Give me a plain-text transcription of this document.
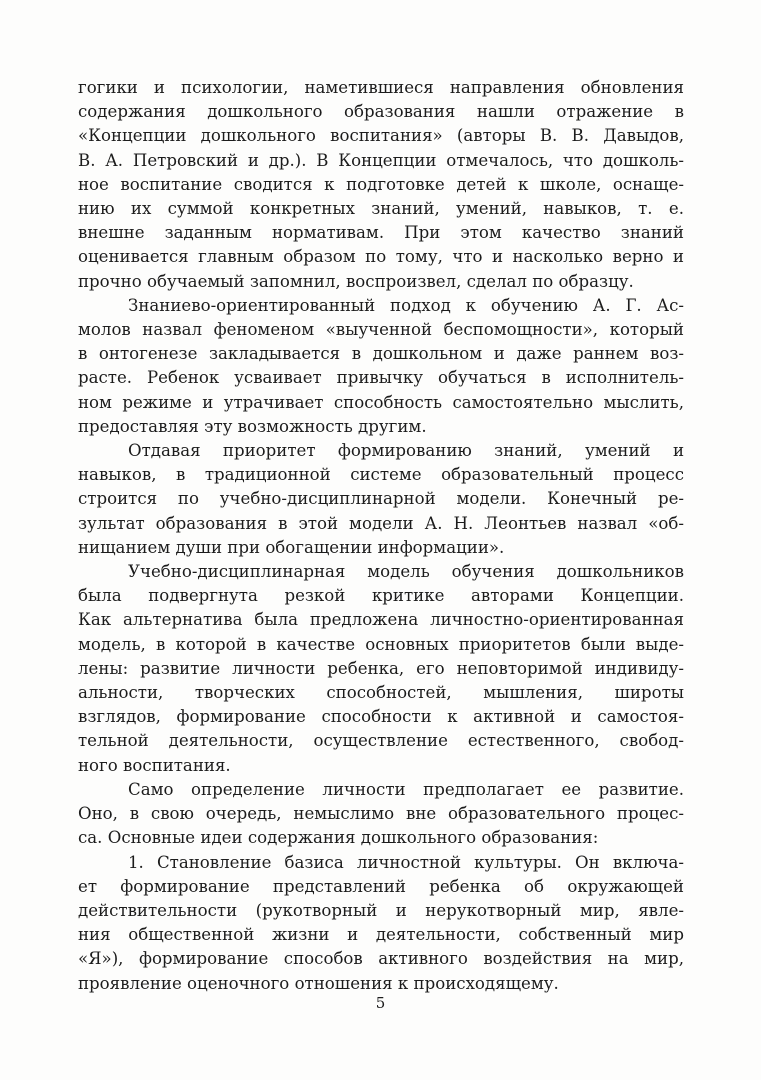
гогики и психологии, наметившиеся направления обновления

содержания дошкольного образования нашли отражение в

«Концепции дошкольного воспитания» (авторы В. В. Давыдов,

В. А. Петровский и др.). В Концепции отмечалось, что дошколь-

ное воспитание сводится к подготовке детей к школе, оснаще-

нию их суммой конкретных знаний, умений, навыков, т. е.

внешне заданным нормативам. При этом качество знаний

оценивается главным образом по тому, что и насколько верно и

прочно обучаемый запомнил, воспроизвел, сделал по образцу.

Знаниево-ориентированный подход к обучению А. Г. Ас-

молов назвал феноменом «выученной беспомощности», который

в онтогенезе закладывается в дошкольном и даже раннем воз-

расте. Ребенок усваивает привычку обучаться в исполнитель-

ном режиме и утрачивает способность самостоятельно мыслить,

предоставляя эту возможность другим.

Отдавая приоритет формированию знаний, умений и

навыков, в традиционной системе образовательный процесс

строится по учебно-дисциплинарной модели. Конечный ре-

зультат образования в этой модели А. Н. Леонтьев назвал «об-

нищанием души при обогащении информации».

Учебно-дисциплинарная модель обучения дошкольников

была подвергнута резкой критике авторами Концепции.

Как альтернатива была предложена личностно-ориентированная

модель, в которой в качестве основных приоритетов были выде-

лены: развитие личности ребенка, его неповторимой индивиду-

альности, творческих способностей, мышления, широты

взглядов, формирование способности к активной и самостоя-

тельной деятельности, осуществление естественного, свобод-

ного воспитания.

Само определение личности предполагает ее развитие.

Оно, в свою очередь, немыслимо вне образовательного процес-

са. Основные идеи содержания дошкольного образования:

1. Становление базиса личностной культуры. Он включа-

ет формирование представлений ребенка об окружающей

действительности (рукотворный и нерукотворный мир, явле-

ния общественной жизни и деятельности, собственный мир

«Я»), формирование способов активного воздействия на мир,

проявление оценочного отношения к происходящему.

5
